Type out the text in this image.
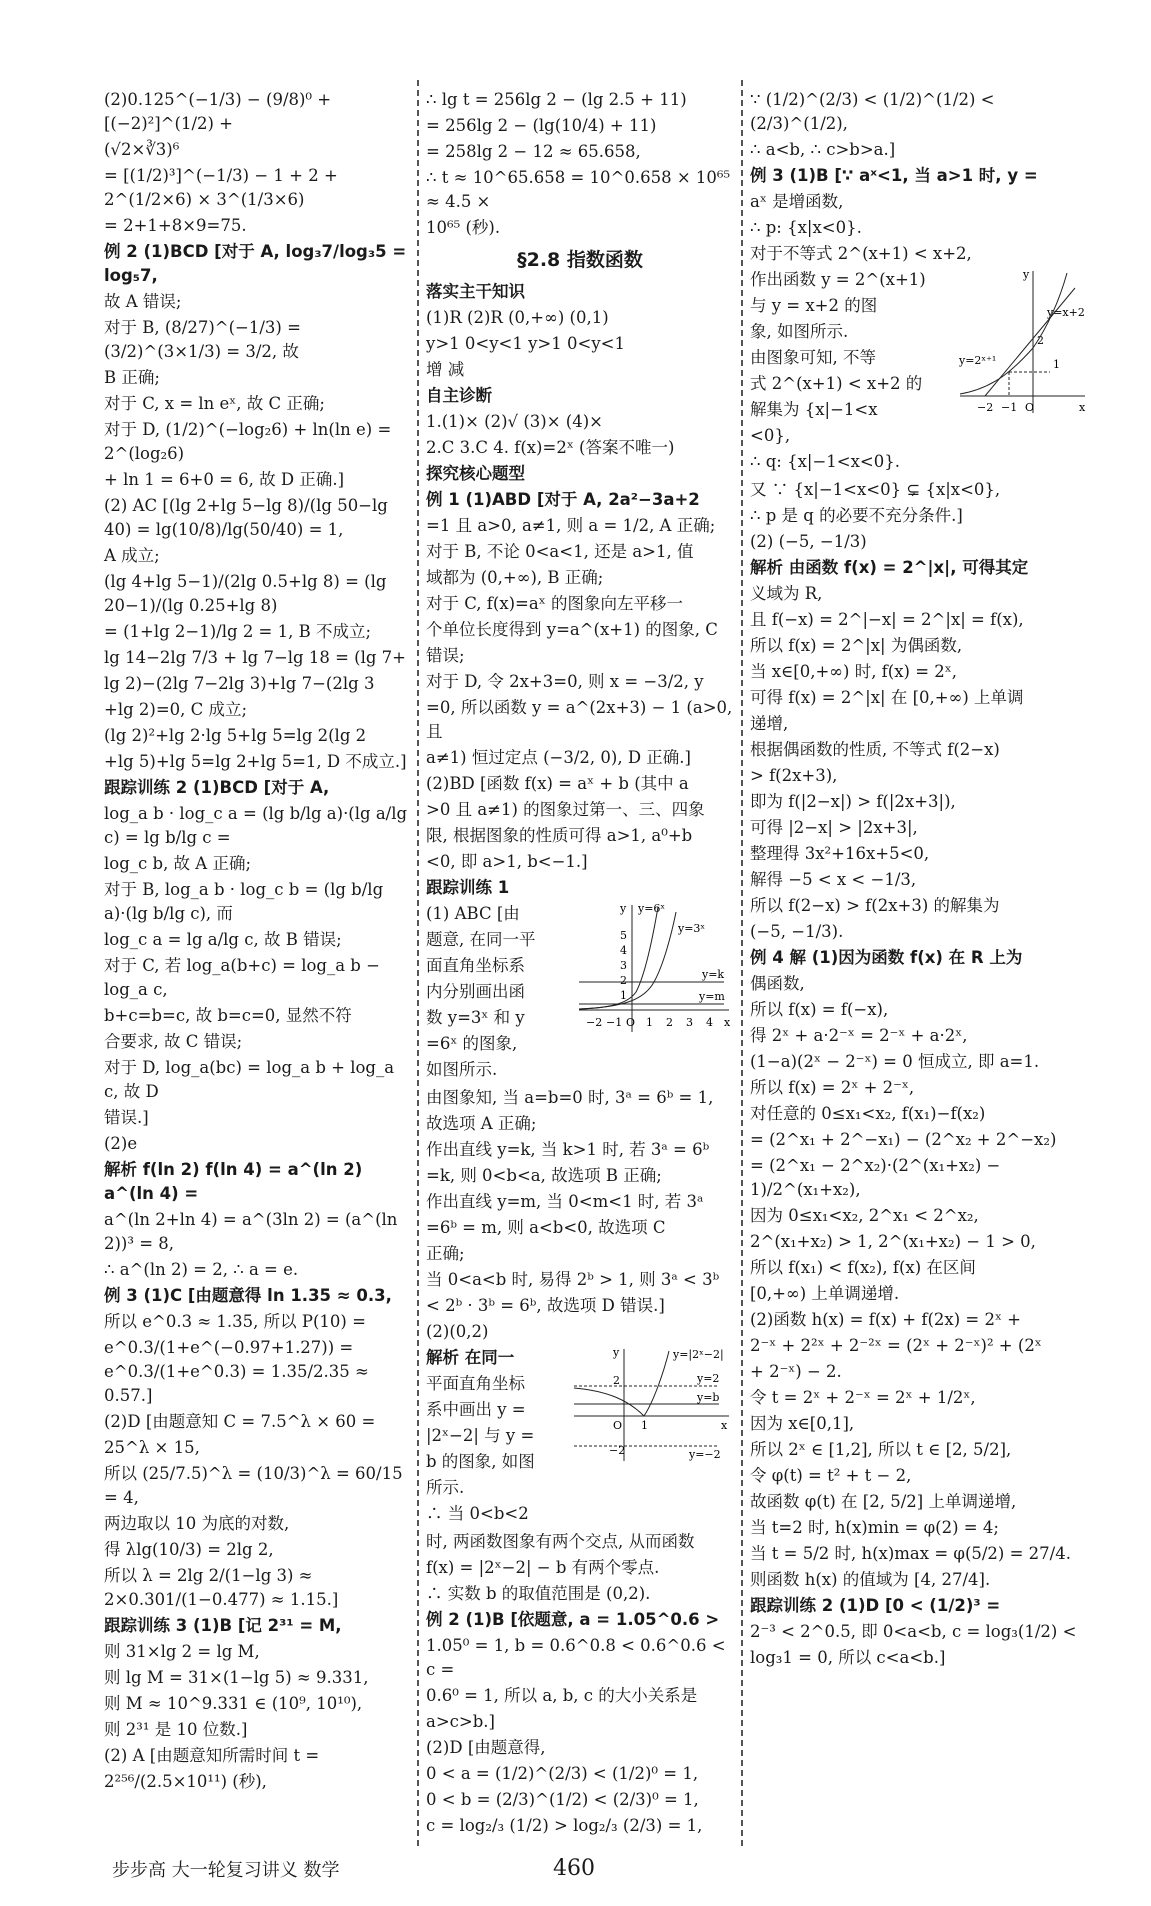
(2)0.125^(−1/3) − (9/8)⁰ + [(−2)²]^(1/2) +
(√2×∛3)⁶
= [(1/2)³]^(−1/3) − 1 + 2 + 2^(1/2×6) × 3^(1/3×6)
= 2+1+8×9=75.
例 2 (1)BCD [对于 A, log₃7/log₃5 = log₅7,
故 A 错误;
对于 B, (8/27)^(−1/3) = (3/2)^(3×1/3) = 3/2, 故
B 正确;
对于 C, x = ln eˣ, 故 C 正确;
对于 D, (1/2)^(−log₂6) + ln(ln e) = 2^(log₂6)
+ ln 1 = 6+0 = 6, 故 D 正确.]
(2) AC [(lg 2+lg 5−lg 8)/(lg 50−lg 40) = lg(10/8)/lg(50/40) = 1,
A 成立;
(lg 4+lg 5−1)/(2lg 0.5+lg 8) = (lg 20−1)/(lg 0.25+lg 8)
= (1+lg 2−1)/lg 2 = 1, B 不成立;
lg 14−2lg 7/3 + lg 7−lg 18 = (lg 7+
lg 2)−(2lg 7−2lg 3)+lg 7−(2lg 3
+lg 2)=0, C 成立;
(lg 2)²+lg 2·lg 5+lg 5=lg 2(lg 2
+lg 5)+lg 5=lg 2+lg 5=1, D 不成立.]
跟踪训练 2 (1)BCD [对于 A,
log_a b · log_c a = (lg b/lg a)·(lg a/lg c) = lg b/lg c =
log_c b, 故 A 正确;
对于 B, log_a b · log_c b = (lg b/lg a)·(lg b/lg c), 而
log_c a = lg a/lg c, 故 B 错误;
对于 C, 若 log_a(b+c) = log_a b − log_a c,
b+c=b=c, 故 b=c=0, 显然不符
合要求, 故 C 错误;
对于 D, log_a(bc) = log_a b + log_a c, 故 D
错误.]
(2)e
解析 f(ln 2) f(ln 4) = a^(ln 2) a^(ln 4) =
a^(ln 2+ln 4) = a^(3ln 2) = (a^(ln 2))³ = 8,
∴ a^(ln 2) = 2, ∴ a = e.
例 3 (1)C [由题意得 ln 1.35 ≈ 0.3,
所以 e^0.3 ≈ 1.35, 所以 P(10) =
e^0.3/(1+e^(−0.97+1.27)) = e^0.3/(1+e^0.3) = 1.35/2.35 ≈ 0.57.]
(2)D [由题意知 C = 7.5^λ × 60 =
25^λ × 15,
所以 (25/7.5)^λ = (10/3)^λ = 60/15 = 4,
两边取以 10 为底的对数,
得 λlg(10/3) = 2lg 2,
所以 λ = 2lg 2/(1−lg 3) ≈ 2×0.301/(1−0.477) ≈ 1.15.]
跟踪训练 3 (1)B [记 2³¹ = M,
则 31×lg 2 = lg M,
则 lg M = 31×(1−lg 5) ≈ 9.331,
则 M ≈ 10^9.331 ∈ (10⁹, 10¹⁰),
则 2³¹ 是 10 位数.]
(2) A [由题意知所需时间 t =
2²⁵⁶/(2.5×10¹¹) (秒),
∴ lg t = 256lg 2 − (lg 2.5 + 11)
= 256lg 2 − (lg(10/4) + 11)
= 258lg 2 − 12 ≈ 65.658,
∴ t ≈ 10^65.658 = 10^0.658 × 10⁶⁵ ≈ 4.5 ×
10⁶⁵ (秒).
§2.8 指数函数
落实主干知识
(1)R (2)R (0,+∞) (0,1)
y>1 0<y<1 y>1 0<y<1
增 减
自主诊断
1.(1)× (2)√ (3)× (4)×
2.C 3.C 4. f(x)=2ˣ (答案不唯一)
探究核心题型
例 1 (1)ABD [对于 A, 2a²−3a+2
=1 且 a>0, a≠1, 则 a = 1/2, A 正确;
对于 B, 不论 0<a<1, 还是 a>1, 值
域都为 (0,+∞), B 正确;
对于 C, f(x)=aˣ 的图象向左平移一
个单位长度得到 y=a^(x+1) 的图象, C
错误;
对于 D, 令 2x+3=0, 则 x = −3/2, y
=0, 所以函数 y = a^(2x+3) − 1 (a>0, 且
a≠1) 恒过定点 (−3/2, 0), D 正确.]
(2)BD [函数 f(x) = aˣ + b (其中 a
>0 且 a≠1) 的图象过第一、三、四象
限, 根据图象的性质可得 a>1, a⁰+b
<0, 即 a>1, b<−1.]
跟踪训练 1
(1) ABC [由
题意, 在同一平
面直角坐标系
内分别画出函
数 y=3ˣ 和 y
=6ˣ 的图象,
如图所示.
y y=6ˣ
y=3ˣ
y=k
y=m
5
4
3
2
1
−2 −1 O 1 2 3 4 x
由图象知, 当 a=b=0 时, 3ᵃ = 6ᵇ = 1,
故选项 A 正确;
作出直线 y=k, 当 k>1 时, 若 3ᵃ = 6ᵇ
=k, 则 0<b<a, 故选项 B 正确;
作出直线 y=m, 当 0<m<1 时, 若 3ᵃ
=6ᵇ = m, 则 a<b<0, 故选项 C
正确;
当 0<a<b 时, 易得 2ᵇ > 1, 则 3ᵃ < 3ᵇ
< 2ᵇ · 3ᵇ = 6ᵇ, 故选项 D 错误.]
(2)(0,2)
解析 在同一
平面直角坐标
系中画出 y =
|2ˣ−2| 与 y =
b 的图象, 如图
所示.
∴ 当 0<b<2
y	y=|2ˣ−2|
y=2
y=b
O 1
2
−2	y=−2
x
时, 两函数图象有两个交点, 从而函数
f(x) = |2ˣ−2| − b 有两个零点.
∴ 实数 b 的取值范围是 (0,2).
例 2 (1)B [依题意, a = 1.05^0.6 >
1.05⁰ = 1, b = 0.6^0.8 < 0.6^0.6 < c =
0.6⁰ = 1, 所以 a, b, c 的大小关系是
a>c>b.]
(2)D [由题意得,
0 < a = (1/2)^(2/3) < (1/2)⁰ = 1,
0 < b = (2/3)^(1/2) < (2/3)⁰ = 1,
c = log₂/₃ (1/2) > log₂/₃ (2/3) = 1,
∵ (1/2)^(2/3) < (1/2)^(1/2) < (2/3)^(1/2),
∴ a<b, ∴ c>b>a.]
例 3 (1)B [∵ aˣ<1, 当 a>1 时, y =
aˣ 是增函数,
∴ p: {x|x<0}.
对于不等式 2^(x+1) < x+2,
作出函数 y = 2^(x+1)
与 y = x+2 的图
象, 如图所示.
由图象可知, 不等
式 2^(x+1) < x+2 的
解集为 {x|−1<x
<0},
∴ q: {x|−1<x<0}.
y
y=x+2
y=2ˣ⁺¹
2
1
−2 −1 O	x
又 ∵ {x|−1<x<0} ⊊ {x|x<0},
∴ p 是 q 的必要不充分条件.]
(2) (−5, −1/3)
解析 由函数 f(x) = 2^|x|, 可得其定
义域为 R,
且 f(−x) = 2^|−x| = 2^|x| = f(x),
所以 f(x) = 2^|x| 为偶函数,
当 x∈[0,+∞) 时, f(x) = 2ˣ,
可得 f(x) = 2^|x| 在 [0,+∞) 上单调
递增,
根据偶函数的性质, 不等式 f(2−x)
> f(2x+3),
即为 f(|2−x|) > f(|2x+3|),
可得 |2−x| > |2x+3|,
整理得 3x²+16x+5<0,
解得 −5 < x < −1/3,
所以 f(2−x) > f(2x+3) 的解集为
(−5, −1/3).
例 4 解 (1)因为函数 f(x) 在 R 上为
偶函数,
所以 f(x) = f(−x),
得 2ˣ + a·2⁻ˣ = 2⁻ˣ + a·2ˣ,
(1−a)(2ˣ − 2⁻ˣ) = 0 恒成立, 即 a=1.
所以 f(x) = 2ˣ + 2⁻ˣ,
对任意的 0≤x₁<x₂, f(x₁)−f(x₂)
= (2^x₁ + 2^−x₁) − (2^x₂ + 2^−x₂)
= (2^x₁ − 2^x₂)·(2^(x₁+x₂) − 1)/2^(x₁+x₂),
因为 0≤x₁<x₂, 2^x₁ < 2^x₂,
2^(x₁+x₂) > 1, 2^(x₁+x₂) − 1 > 0,
所以 f(x₁) < f(x₂), f(x) 在区间
[0,+∞) 上单调递增.
(2)函数 h(x) = f(x) + f(2x) = 2ˣ +
2⁻ˣ + 2²ˣ + 2⁻²ˣ = (2ˣ + 2⁻ˣ)² + (2ˣ
+ 2⁻ˣ) − 2.
令 t = 2ˣ + 2⁻ˣ = 2ˣ + 1/2ˣ,
因为 x∈[0,1],
所以 2ˣ ∈ [1,2], 所以 t ∈ [2, 5/2],
令 φ(t) = t² + t − 2,
故函数 φ(t) 在 [2, 5/2] 上单调递增,
当 t=2 时, h(x)min = φ(2) = 4;
当 t = 5/2 时, h(x)max = φ(5/2) = 27/4.
则函数 h(x) 的值域为 [4, 27/4].
跟踪训练 2 (1)D [0 < (1/2)³ =
2⁻³ < 2^0.5, 即 0<a<b, c = log₃(1/2) <
log₃1 = 0, 所以 c<a<b.]
步步高 大一轮复习讲义 数学	460
